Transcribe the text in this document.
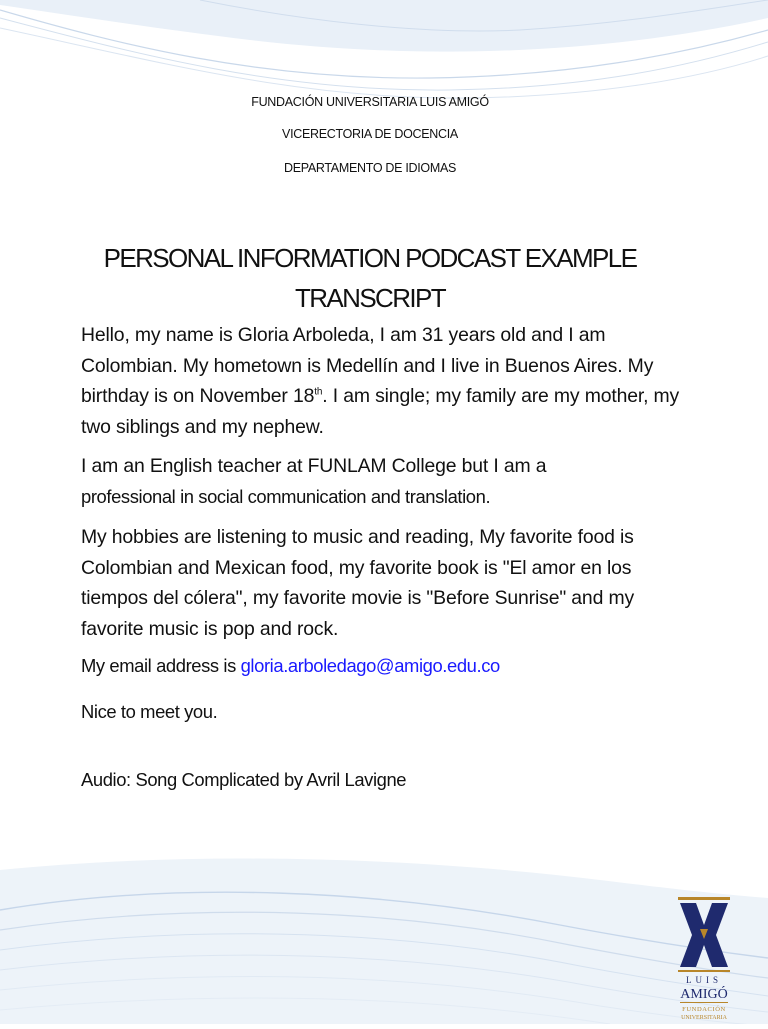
FUNDACIÓN UNIVERSITARIA LUIS AMIGÓ
VICERECTORIA DE DOCENCIA
DEPARTAMENTO DE IDIOMAS
PERSONAL INFORMATION PODCAST EXAMPLE
TRANSCRIPT

Hello, my name is Gloria Arboleda, I am 31 years old and I am Colombian. My hometown is Medellín and I live in Buenos Aires. My birthday is on November 18th. I am single; my family are my mother, my two siblings and my nephew.

I am an English teacher at FUNLAM College but I am a
professional in social communication and translation.

My hobbies are listening to music and reading, My favorite food is Colombian and Mexican food, my favorite book is "El amor en los tiempos del cólera", my favorite movie is "Before Sunrise" and my favorite music is pop and rock.

My email address is gloria.arboledago@amigo.edu.co

Nice to meet you.

Audio: Song Complicated by Avril Lavigne

LUIS
AMIGÓ
FUNDACIÓN
UNIVERSITARIA
